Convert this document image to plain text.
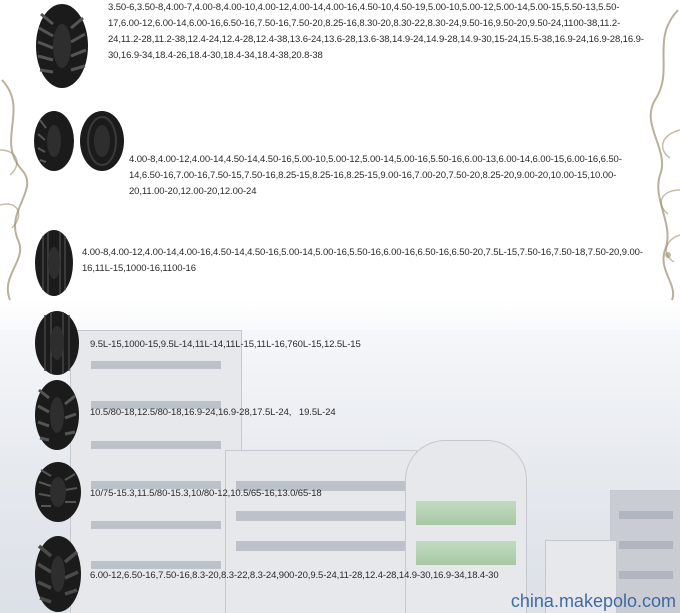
3.50-6,3.50-8,4.00-7,4.00-8,4.00-10,4.00-12,4.00-14,4.00-16,4.50-10,4.50-19,5.00-10,5.00-12,5.00-14,5.00-15,5.50-13,5.50-17,6.00-12,6.00-14,6.00-16,6.50-16,7.50-16,7.50-20,8.25-16,8.30-20,8.30-22,8.30-24,9.50-16,9.50-20,9.50-24,1100-38,11.2-24,11.2-28,11.2-38,12.4-24,12.4-28,12.4-38,13.6-24,13.6-28,13.6-38,14.9-24,14.9-28,14.9-30,15-24,15.5-38,16.9-24,16.9-28,16.9-30,16.9-34,18.4-26,18.4-30,18.4-34,18.4-38,20.8-38
4.00-8,4.00-12,4.00-14,4.50-14,4.50-16,5.00-10,5.00-12,5.00-14,5.00-16,5.50-16,6.00-13,6.00-14,6.00-15,6.00-16,6.50-14,6.50-16,7.00-16,7.50-15,7.50-16,8.25-15,8.25-16,8.25-15,9.00-16,7.00-20,7.50-20,8.25-20,9.00-20,10.00-15,10.00-20,11.00-20,12.00-20,12.00-24
4.00-8,4.00-12,4.00-14,4.00-16,4.50-14,4.50-16,5.00-14,5.00-16,5.50-16,6.00-16,6.50-16,6.50-20,7.5L-15,7.50-16,7.50-18,7.50-20,9.00-16,11L-15,1000-16,1100-16
9.5L-15,1000-15,9.5L-14,11L-14,11L-15,11L-16,760L-15,12.5L-15
10.5/80-18,12.5/80-18,16.9-24,16.9-28,17.5L-24,   19.5L-24
10/75-15.3,11.5/80-15.3,10/80-12,10.5/65-16,13.0/65-18
6.00-12,6.50-16,7.50-16,8.3-20,8.3-22,8.3-24,900-20,9.5-24,11-28,12.4-28,14.9-30,16.9-34,18.4-30
china.makepolo.com
